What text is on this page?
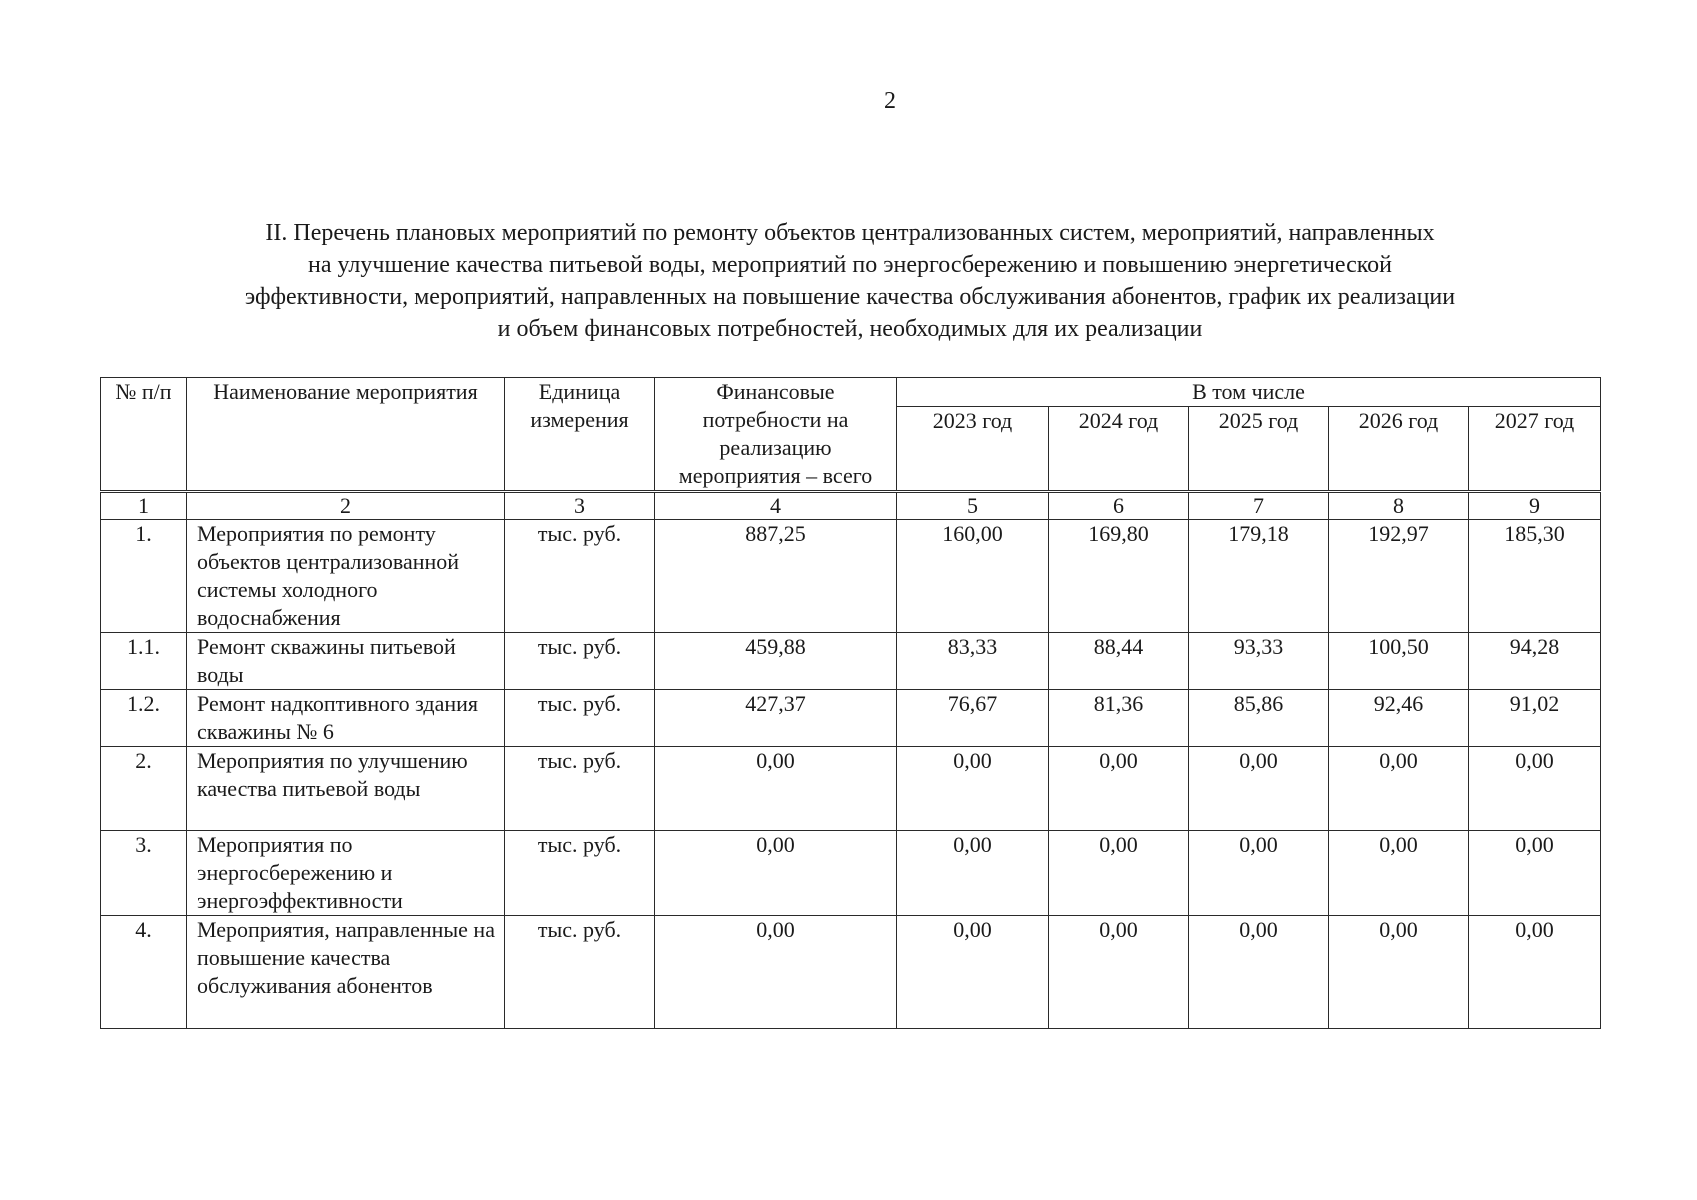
2
II. Перечень плановых мероприятий по ремонту объектов централизованных систем, мероприятий, направленных
на улучшение качества питьевой воды, мероприятий по энергосбережению и повышению энергетической
эффективности, мероприятий, направленных на повышение качества обслуживания абонентов, график их реализации
и объем финансовых потребностей, необходимых для их реализации
№ п/п	Наименование мероприятия	Единица измерения	Финансовые потребности на реализацию мероприятия – всего	В том числе				
				2023 год	2024 год	2025 год	2026 год	2027 год
1	2	3	4	5	6	7	8	9
1.	Мероприятия по ремонту объектов централизованной системы холодного водоснабжения	тыс. руб.	887,25	160,00	169,80	179,18	192,97	185,30
1.1.	Ремонт скважины питьевой воды	тыс. руб.	459,88	83,33	88,44	93,33	100,50	94,28
1.2.	Ремонт надкоптивного здания скважины № 6	тыс. руб.	427,37	76,67	81,36	85,86	92,46	91,02
2.	Мероприятия по улучшению качества питьевой воды	тыс. руб.	0,00	0,00	0,00	0,00	0,00	0,00
3.	Мероприятия по энергосбережению и энергоэффективности	тыс. руб.	0,00	0,00	0,00	0,00	0,00	0,00
4.	Мероприятия, направленные на повышение качества обслуживания абонентов	тыс. руб.	0,00	0,00	0,00	0,00	0,00	0,00
